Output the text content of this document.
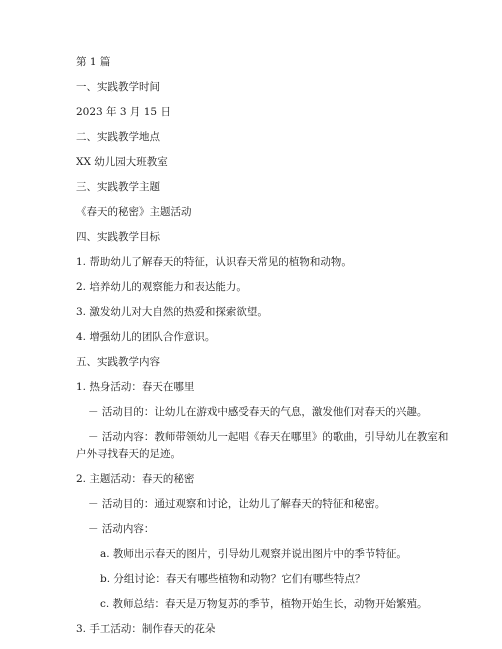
第 1 篇
一、实践教学时间
2023 年 3 月 15 日
二、实践教学地点
XX 幼儿园大班教室
三、实践教学主题
《春天的秘密》主题活动
四、实践教学目标
1. 帮助幼儿了解春天的特征，认识春天常见的植物和动物。
2. 培养幼儿的观察能力和表达能力。
3. 激发幼儿对大自然的热爱和探索欲望。
4. 增强幼儿的团队合作意识。
五、实践教学内容
1. 热身活动：春天在哪里
－ 活动目的：让幼儿在游戏中感受春天的气息，激发他们对春天的兴趣。
－ 活动内容：教师带领幼儿一起唱《春天在哪里》的歌曲，引导幼儿在教室和
户外寻找春天的足迹。
2. 主题活动：春天的秘密
－ 活动目的：通过观察和讨论，让幼儿了解春天的特征和秘密。
－ 活动内容：
a. 教师出示春天的图片，引导幼儿观察并说出图片中的季节特征。
b. 分组讨论：春天有哪些植物和动物？它们有哪些特点？
c. 教师总结：春天是万物复苏的季节，植物开始生长，动物开始繁殖。
3. 手工活动：制作春天的花朵
